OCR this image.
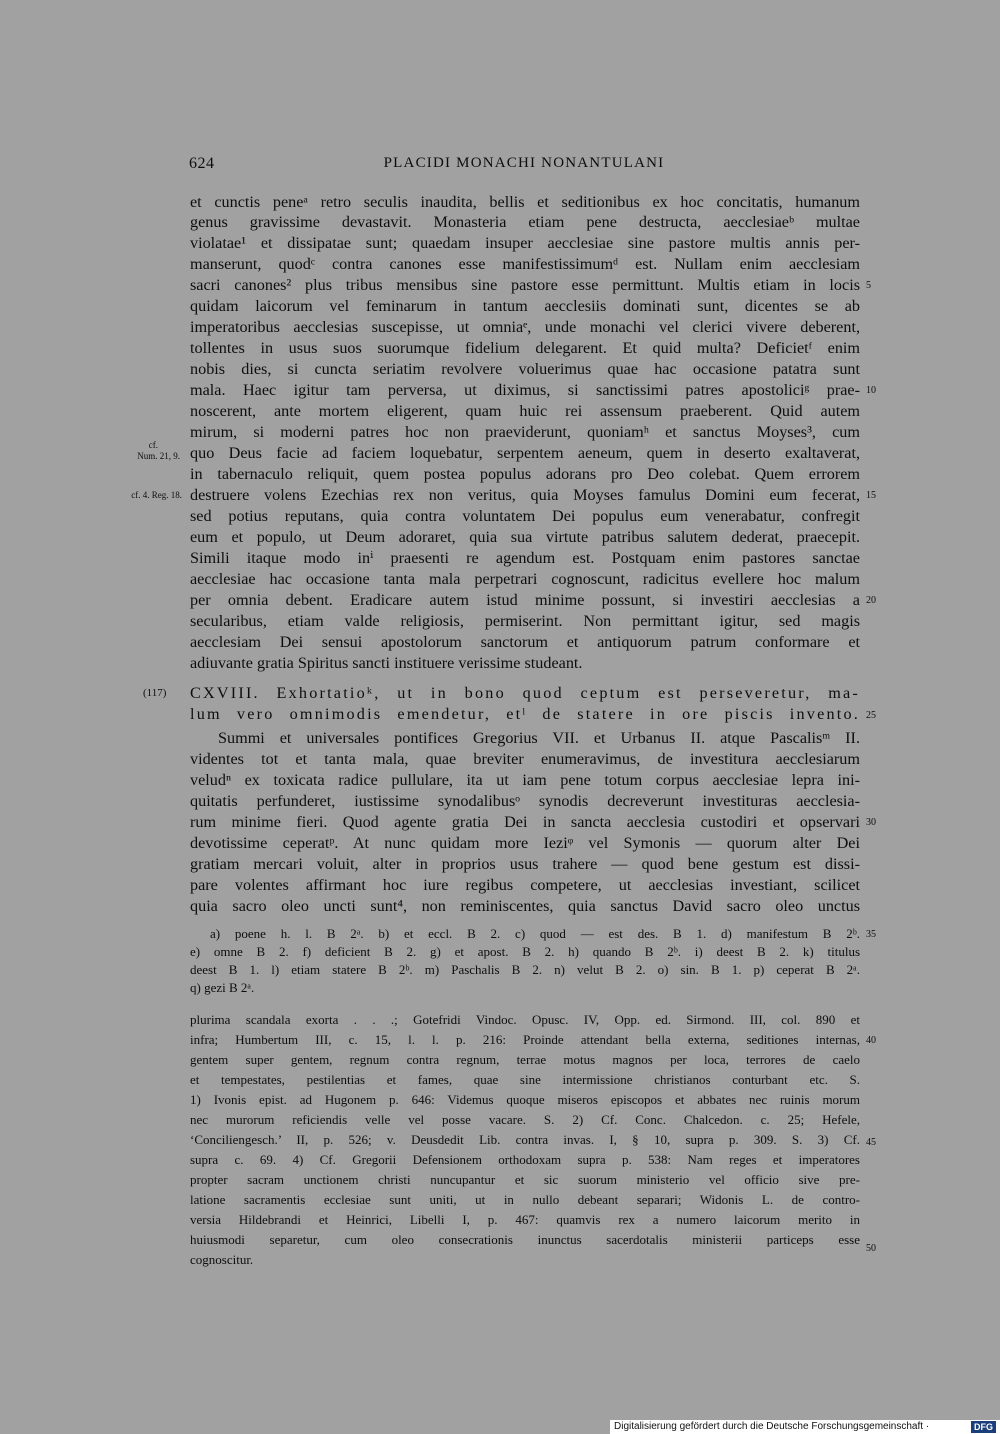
624	PLACIDI MONACHI NONANTULANI
et cunctis peneᵃ retro seculis inaudita, bellis et seditionibus ex hoc concitatis, humanum
genus gravissime devastavit. Monasteria etiam pene destructa, aecclesiaeᵇ multae
violatae¹ et dissipatae sunt; quaedam insuper aecclesiae sine pastore multis annis per-
manserunt, quodᶜ contra canones esse manifestissimumᵈ est. Nullam enim aecclesiam
sacri canones² plus tribus mensibus sine pastore esse permittunt. Multis etiam in locis
quidam laicorum vel feminarum in tantum aecclesiis dominati sunt, dicentes se ab
imperatoribus aecclesias suscepisse, ut omniaᵉ, unde monachi vel clerici vivere deberent,
tollentes in usus suos suorumque fidelium delegarent. Et quid multa? Deficietᶠ enim
nobis dies, si cuncta seriatim revolvere voluerimus quae hac occasione patatra sunt
mala. Haec igitur tam perversa, ut diximus, si sanctissimi patres apostoliciᵍ prae-
noscerent, ante mortem eligerent, quam huic rei assensum praeberent. Quid autem
mirum, si moderni patres hoc non praeviderunt, quoniamʰ et sanctus Moyses³, cum
quo Deus facie ad faciem loquebatur, serpentem aeneum, quem in deserto exaltaverat,
in tabernaculo reliquit, quem postea populus adorans pro Deo colebat. Quem errorem
destruere volens Ezechias rex non veritus, quia Moyses famulus Domini eum fecerat,
sed potius reputans, quia contra voluntatem Dei populus eum venerabatur, confregit
eum et populo, ut Deum adoraret, quia sua virtute patribus salutem dederat, praecepit.
Simili itaque modo inⁱ praesenti re agendum est. Postquam enim pastores sanctae
aecclesiae hac occasione tanta mala perpetrari cognoscunt, radicitus evellere hoc malum
per omnia debent. Eradicare autem istud minime possunt, si investiri aecclesias a
secularibus, etiam valde religiosis, permiserint. Non permittant igitur, sed magis
aecclesiam Dei sensui apostolorum sanctorum et antiquorum patrum conformare et
adiuvante gratia Spiritus sancti instituere verissime studeant.
cf.
Num. 21, 9.
cf. 4. Reg. 18.
(117) CXVIII. Exhortatioᵏ, ut in bono quod ceptum est perseveretur, ma-
lum vero omnimodis emendetur, etˡ de statere in ore piscis invento.
Summi et universales pontifices Gregorius VII. et Urbanus II. atque Pascalisᵐ II.
videntes tot et tanta mala, quae breviter enumeravimus, de investitura aecclesiarum
veludⁿ ex toxicata radice pullulare, ita ut iam pene totum corpus aecclesiae lepra ini-
quitatis perfunderet, iustissime synodalibusᵒ synodis decreverunt investituras aecclesia-
rum minime fieri. Quod agente gratia Dei in sancta aecclesia custodiri et opservari
devotissime ceperatᵖ. At nunc quidam more Ieziᵠ vel Symonis — quorum alter Dei
gratiam mercari voluit, alter in proprios usus trahere — quod bene gestum est dissi-
pare volentes affirmant hoc iure regibus competere, ut aecclesias investiant, scilicet
quia sacro oleo uncti sunt⁴, non reminiscentes, quia sanctus David sacro oleo unctus
a) poene h. l. B 2ᵃ. b) et eccl. B 2. c) quod — est des. B 1. d) manifestum B 2ᵇ.
e) omne B 2. f) deficient B 2. g) et apost. B 2. h) quando B 2ᵇ. i) deest B 2. k) titulus
deest B 1. l) etiam statere B 2ᵇ. m) Paschalis B 2. n) velut B 2. o) sin. B 1. p) ceperat B 2ᵃ.
q) gezi B 2ᵃ.
plurima scandala exorta . . .; Gotefridi Vindoc. Opusc. IV, Opp. ed. Sirmond. III, col. 890 et
infra; Humbertum III, c. 15, l. l. p. 216: Proinde attendant bella externa, seditiones internas,
gentem super gentem, regnum contra regnum, terrae motus magnos per loca, terrores de caelo
et tempestates, pestilentias et fames, quae sine intermissione christianos conturbant etc. S.
1) Ivonis epist. ad Hugonem p. 646: Videmus quoque miseros episcopos et abbates nec ruinis morum
nec murorum reficiendis velle vel posse vacare. S. 2) Cf. Conc. Chalcedon. c. 25; Hefele,
‘Conciliengesch.’ II, p. 526; v. Deusdedit Lib. contra invas. I, § 10, supra p. 309. S. 3) Cf.
supra c. 69. 4) Cf. Gregorii Defensionem orthodoxam supra p. 538: Nam reges et imperatores
propter sacram unctionem christi nuncupantur et sic suorum ministerio vel officio sive pre-
latione sacramentis ecclesiae sunt uniti, ut in nullo debeant separari; Widonis L. de contro-
versia Hildebrandi et Heinrici, Libelli I, p. 467: quamvis rex a numero laicorum merito in
huiusmodi separetur, cum oleo consecrationis inunctus sacerdotalis ministerii particeps esse
cognoscitur.
5
10
15
20
25
30
35
40
45
50
Digitalisierung gefördert durch die Deutsche Forschungsgemeinschaft ·	DFG
